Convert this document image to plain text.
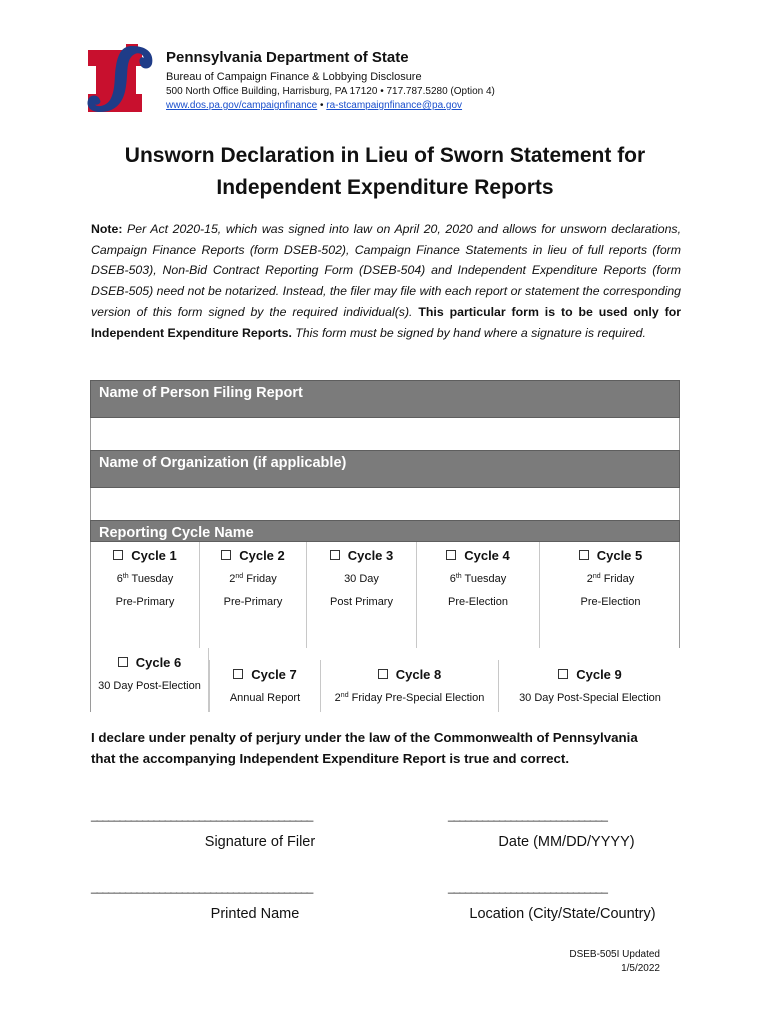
Pennsylvania Department of State
Bureau of Campaign Finance & Lobbying Disclosure
500 North Office Building, Harrisburg, PA 17120 • 717.787.5280 (Option 4)
www.dos.pa.gov/campaignfinance • ra-stcampaignfinance@pa.gov
Unsworn Declaration in Lieu of Sworn Statement for
Independent Expenditure Reports
Note: Per Act 2020-15, which was signed into law on April 20, 2020 and allows for unsworn declarations, Campaign Finance Reports (form DSEB-502), Campaign Finance Statements in lieu of full reports (form DSEB-503), Non-Bid Contract Reporting Form (DSEB-504) and Independent Expenditure Reports (form DSEB-505) need not be notarized. Instead, the filer may file with each report or statement the corresponding version of this form signed by the required individual(s). This particular form is to be used only for Independent Expenditure Reports. This form must be signed by hand where a signature is required.
Name of Person Filing Report
Name of Organization (if applicable)
Reporting Cycle Name
Cycle 1
6th Tuesday
Pre-Primary
Cycle 2
2nd Friday
Pre-Primary
Cycle 3
30 Day
Post Primary
Cycle 4
6th Tuesday
Pre-Election
Cycle 5
2nd Friday
Pre-Election
Cycle 6
30 Day Post-Election
Cycle 7
Annual Report
Cycle 8
2nd Friday Pre-Special Election
Cycle 9
30 Day Post-Special Election
I declare under penalty of perjury under the law of the Commonwealth of Pennsylvania
that the accompanying Independent Expenditure Report is true and correct.
_______________________________________	____________________________
Signature of Filer	Date (MM/DD/YYYY)
_______________________________________	____________________________
Printed Name	Location (City/State/Country)
DSEB-505I Updated
1/5/2022
